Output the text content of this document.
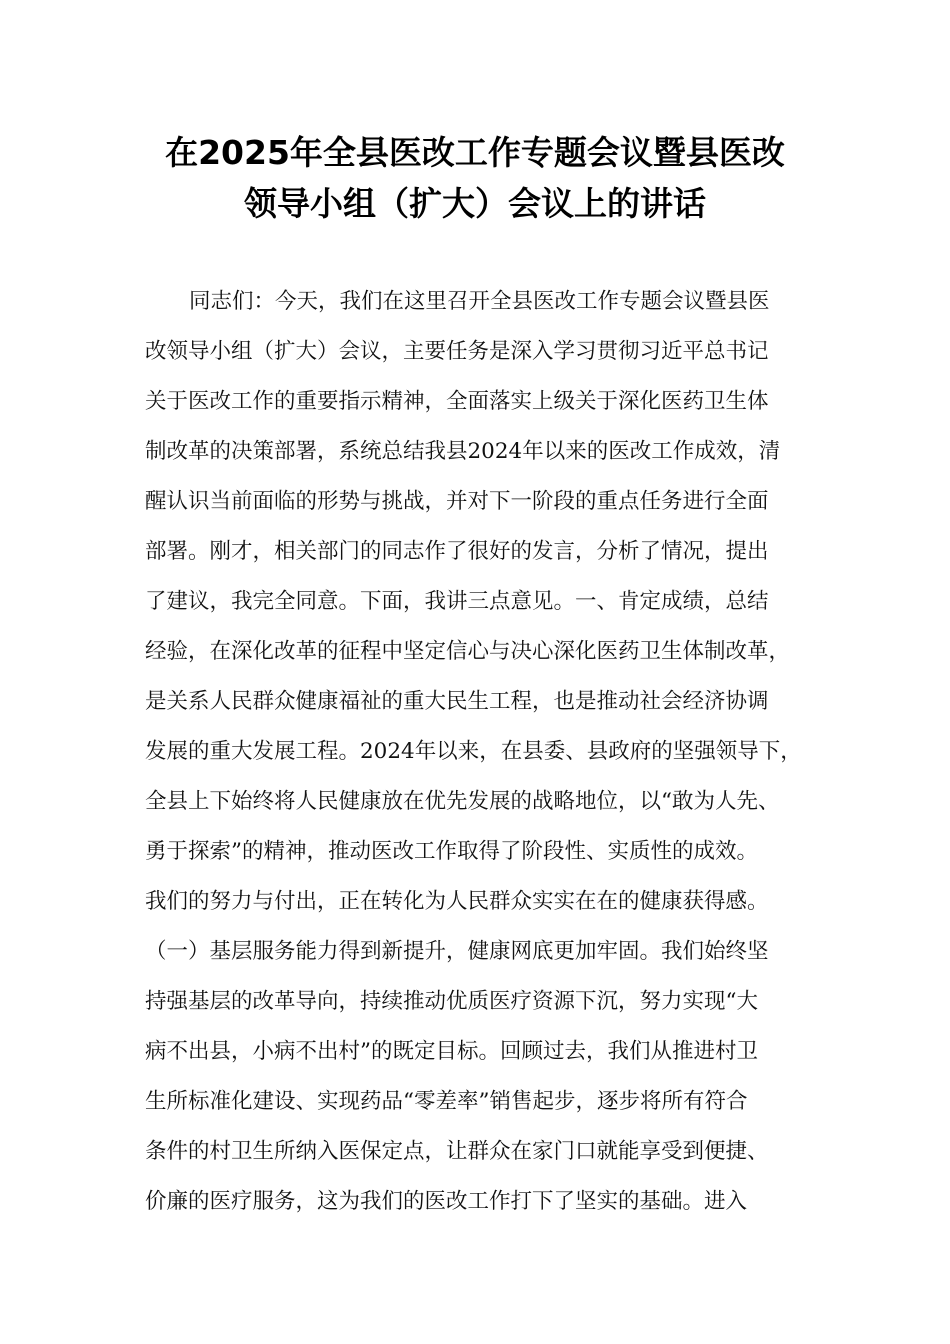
在2025年全县医改工作专题会议暨县医改
领导小组（扩大）会议上的讲话
同志们：今天，我们在这里召开全县医改工作专题会议暨县医
改领导小组（扩大）会议，主要任务是深入学习贯彻习近平总书记
关于医改工作的重要指示精神，全面落实上级关于深化医药卫生体
制改革的决策部署，系统总结我县2024年以来的医改工作成效，清
醒认识当前面临的形势与挑战，并对下一阶段的重点任务进行全面
部署。刚才，相关部门的同志作了很好的发言，分析了情况，提出
了建议，我完全同意。下面，我讲三点意见。一、肯定成绩，总结
经验，在深化改革的征程中坚定信心与决心深化医药卫生体制改革，
是关系人民群众健康福祉的重大民生工程，也是推动社会经济协调
发展的重大发展工程。2024年以来，在县委、县政府的坚强领导下，
全县上下始终将人民健康放在优先发展的战略地位，以“敢为人先、
勇于探索”的精神，推动医改工作取得了阶段性、实质性的成效。
我们的努力与付出，正在转化为人民群众实实在在的健康获得感。
（一）基层服务能力得到新提升，健康网底更加牢固。我们始终坚
持强基层的改革导向，持续推动优质医疗资源下沉，努力实现“大
病不出县，小病不出村”的既定目标。回顾过去，我们从推进村卫
生所标准化建设、实现药品“零差率”销售起步，逐步将所有符合
条件的村卫生所纳入医保定点，让群众在家门口就能享受到便捷、
价廉的医疗服务，这为我们的医改工作打下了坚实的基础。进入
